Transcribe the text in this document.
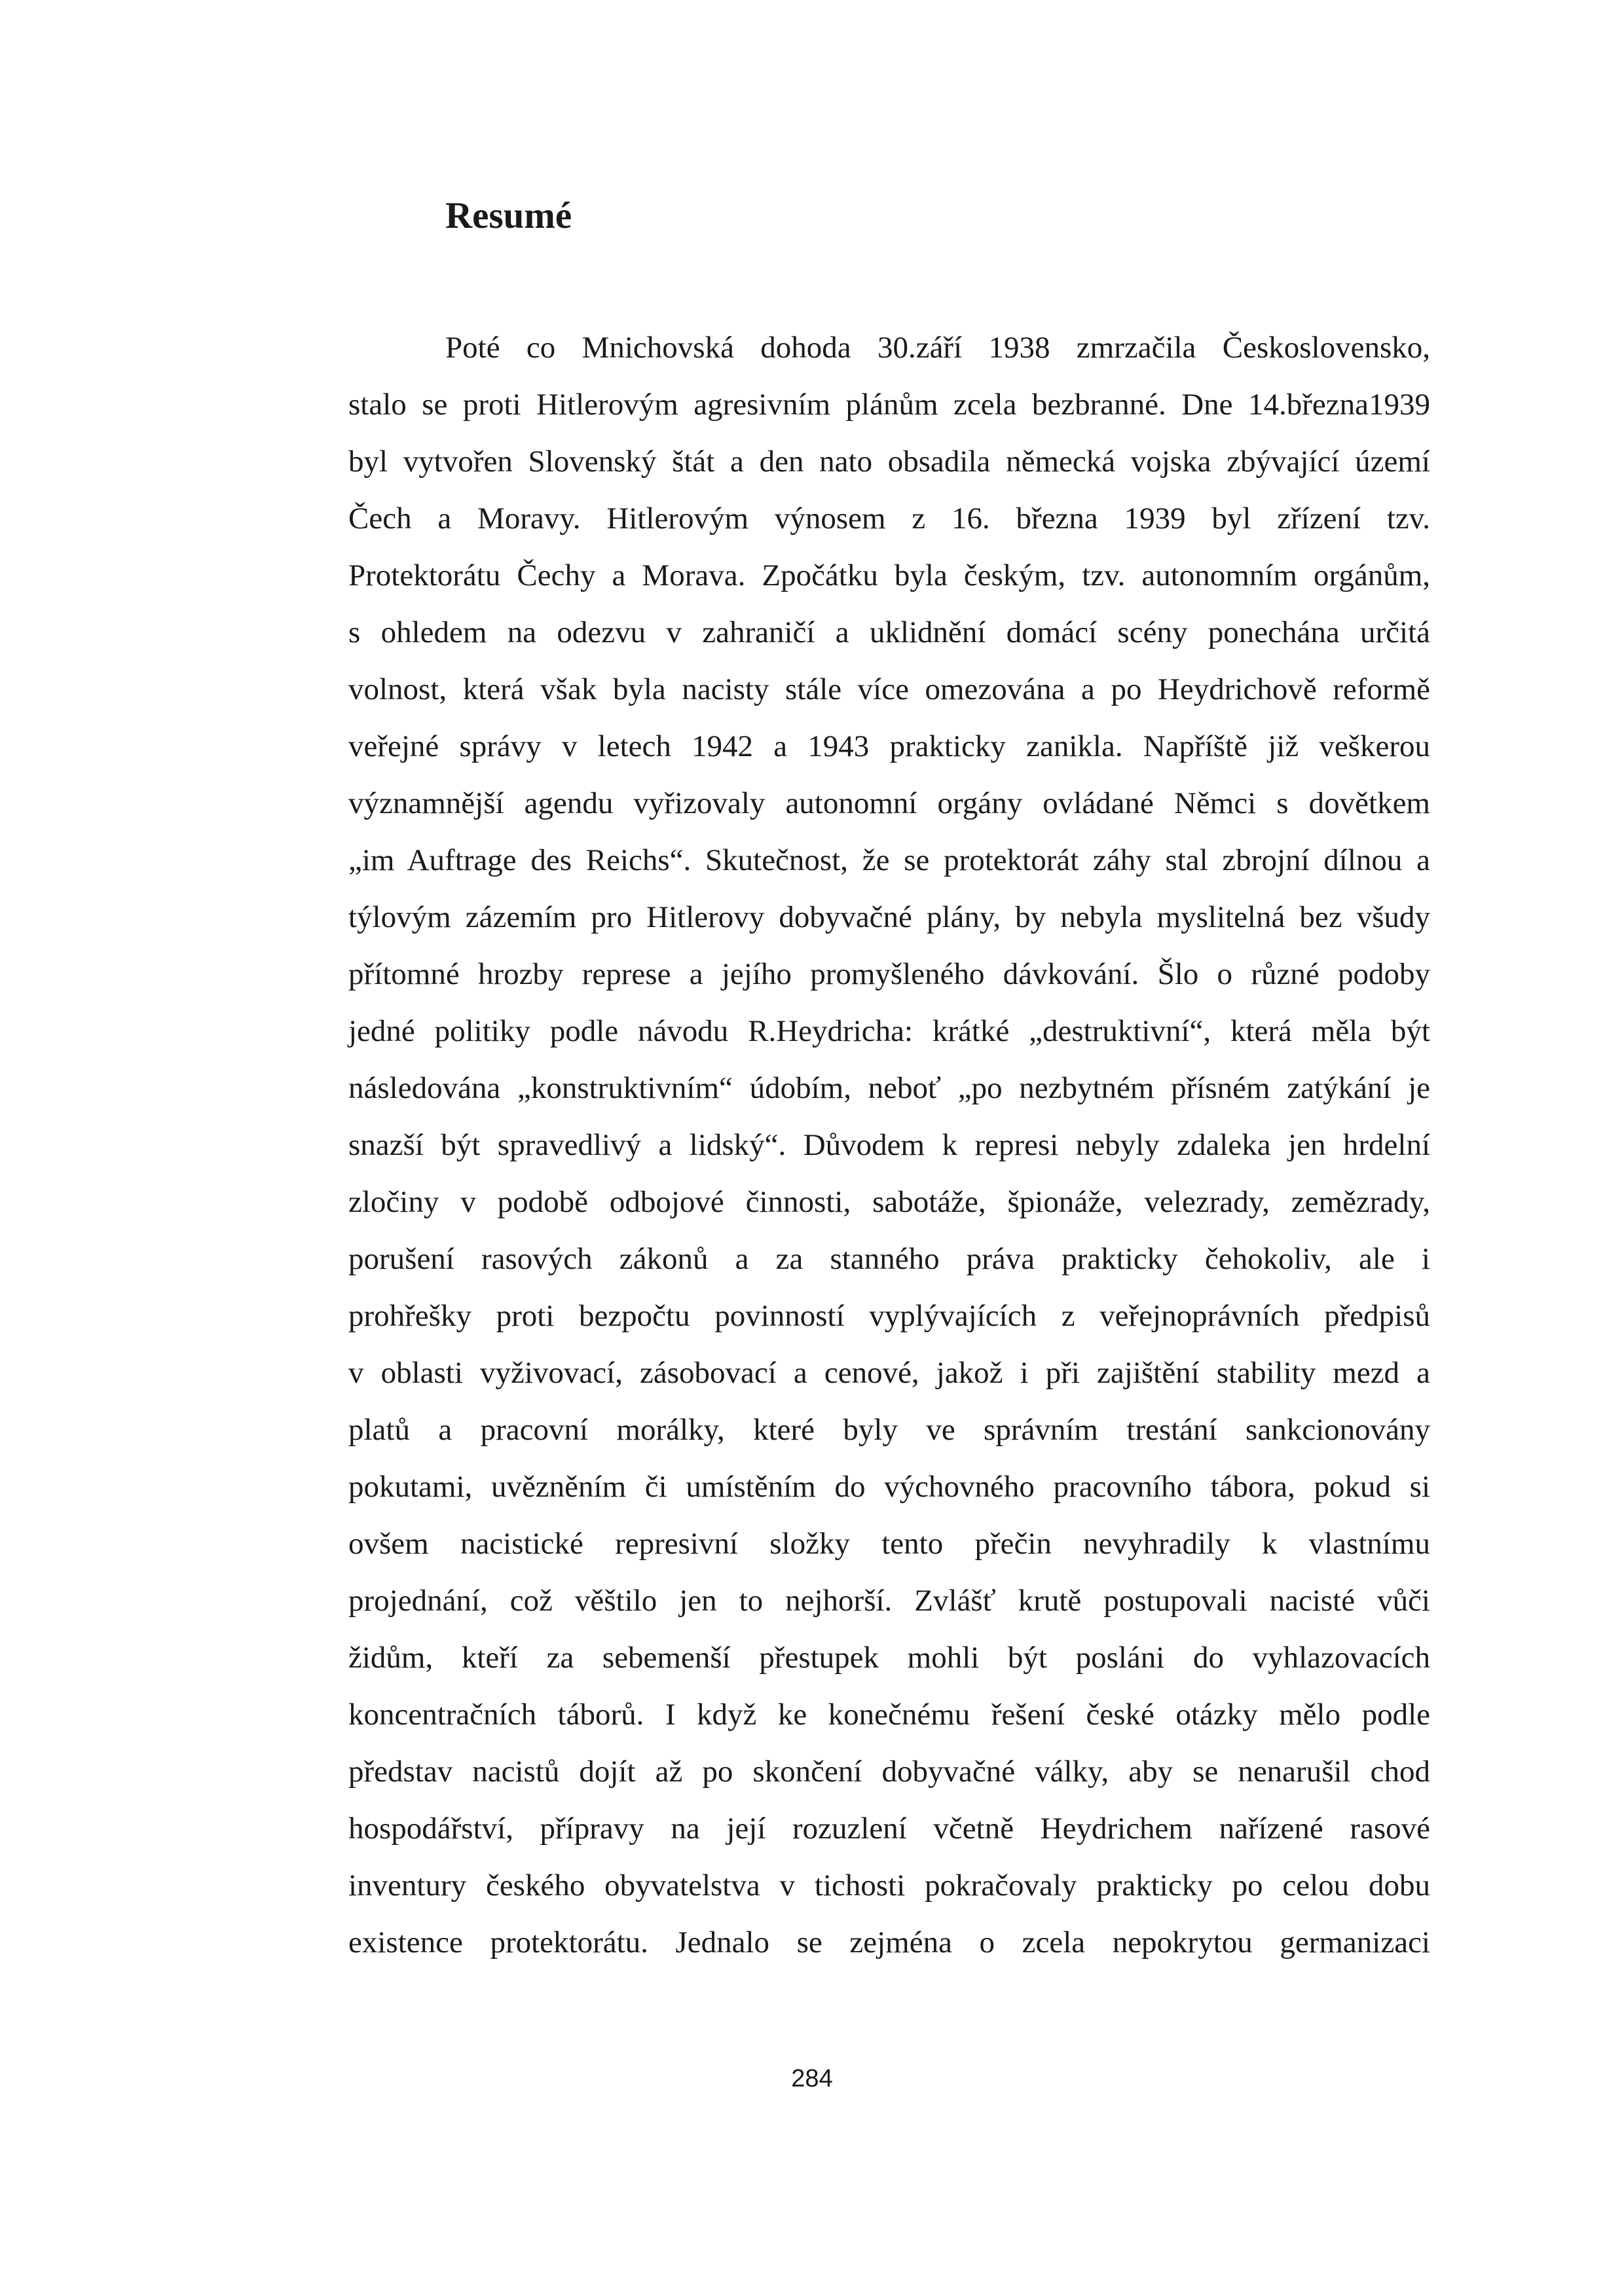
Resumé
Poté co Mnichovská dohoda 30.září 1938 zmrzačila Československo,
stalo se proti Hitlerovým agresivním plánům zcela bezbranné. Dne 14.března1939
byl vytvořen Slovenský štát a den nato obsadila německá vojska zbývající území
Čech a Moravy. Hitlerovým výnosem z 16. března 1939 byl zřízení tzv.
Protektorátu Čechy a Morava. Zpočátku byla českým, tzv. autonomním orgánům,
s ohledem na odezvu v zahraničí a uklidnění domácí scény ponechána určitá
volnost, která však byla nacisty stále více omezována a po Heydrichově reformě
veřejné správy v letech 1942 a 1943 prakticky zanikla. Napříště již veškerou
významnější agendu vyřizovaly autonomní orgány ovládané Němci s dovětkem
„im Auftrage des Reichs“. Skutečnost, že se protektorát záhy stal zbrojní dílnou a
týlovým zázemím pro Hitlerovy dobyvačné plány, by nebyla myslitelná bez všudy
přítomné hrozby represe a jejího promyšleného dávkování. Šlo o různé podoby
jedné politiky podle návodu R.Heydricha: krátké „destruktivní“, která měla být
následována „konstruktivním“ údobím, neboť „po nezbytném přísném zatýkání je
snazší být spravedlivý a lidský“. Důvodem k represi nebyly zdaleka jen hrdelní
zločiny v podobě odbojové činnosti, sabotáže, špionáže, velezrady, zemězrady,
porušení rasových zákonů a za stanného práva prakticky čehokoliv, ale i
prohřešky proti bezpočtu povinností vyplývajících z veřejnoprávních předpisů
v oblasti vyživovací, zásobovací a cenové, jakož i při zajištění stability mezd a
platů a pracovní morálky, které byly ve správním trestání sankcionovány
pokutami, uvězněním či umístěním do výchovného pracovního tábora, pokud si
ovšem nacistické represivní složky tento přečin nevyhradily k vlastnímu
projednání, což věštilo jen to nejhorší. Zvlášť krutě postupovali nacisté vůči
židům, kteří za sebemenší přestupek mohli být posláni do vyhlazovacích
koncentračních táborů. I když ke konečnému řešení české otázky mělo podle
představ nacistů dojít až po skončení dobyvačné války, aby se nenarušil chod
hospodářství, přípravy na její rozuzlení včetně Heydrichem nařízené rasové
inventury českého obyvatelstva v tichosti pokračovaly prakticky po celou dobu
existence protektorátu. Jednalo se zejména o zcela nepokrytou germanizaci
284
